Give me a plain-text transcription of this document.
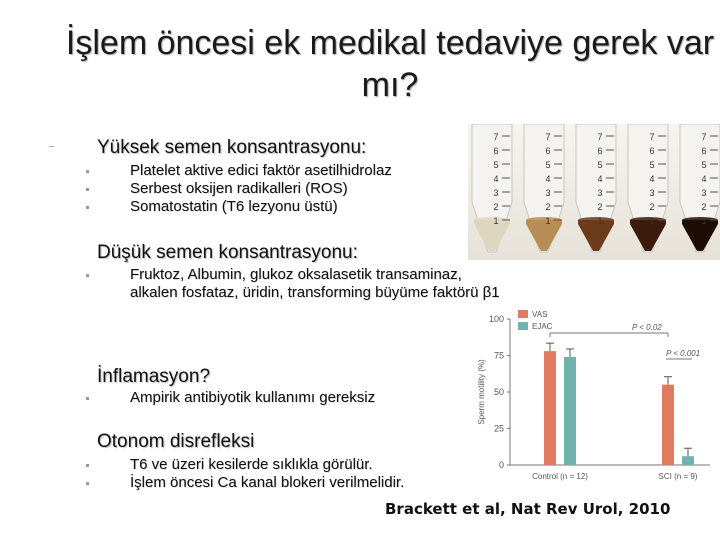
İşlem öncesi ek medikal tedaviye gerek var mı?
Yüksek semen konsantrasyonu:
Platelet aktive edici faktör asetilhidrolaz
Serbest oksijen radikalleri (ROS)
Somatostatin (T6 lezyonu üstü)
Düşük semen konsantrasyonu:
Fruktoz, Albumin, glukoz oksalasetik transaminaz, alkalen fosfataz, üridin, transforming büyüme faktörü β1
İnflamasyon?
Ampirik antibiyotik kullanımı gereksiz
Otonom disrefleksi
T6 ve üzeri kesilerde sıklıkla görülür.
İşlem öncesi Ca kanal blokeri verilmelidir.
7
6
5
4
3
2
1
7
6
5
4
3
2
1
7
6
5
4
3
2
1
7
6
5
4
3
2
1
7
6
5
4
3
2
1
0
25
50
75
100
Sperm motility (%)
VAS
EJAC
Control (n = 12)	SCI (n = 9)
P < 0.02
P < 0.001
Brackett et al, Nat Rev Urol, 2010
